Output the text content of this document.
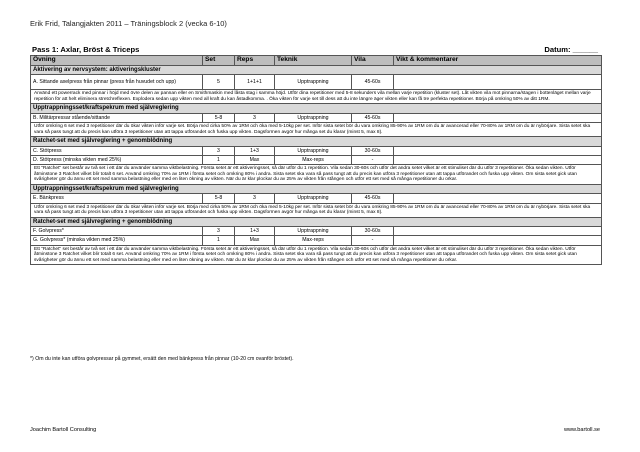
Erik Frid, Talangjakten 2011 – Träningsblock 2 (vecka 6-10)
Pass 1: Axlar, Bröst & Triceps	Datum: ______
Övning	Set	Reps	Teknik	Vila	Vikt & kommentarer
Aktivering av nervsystem: aktiveringskluster					
A. Sittande axelpress från pinnar (press från huvudet och upp)	5	1+1+1	Upptrappning	45-60s	
Använd ett powerrack med pinnar i höjd med övre delen av pannan eller en Smithmaskin med låsta stag i samma höjd. Utför dina repetitioner med 5-8 sekunders vila mellan varje repetition (kluster set). Låt vikten vila mot pinnarna/stagen i bottenläget mellan varje repetition för att helt eliminera stretchreflexen. Explodera sedan upp vikten med all kraft du kan åstadkomma. . Öka vikten för varje set till dess att du inte längre äger vikten eller kan få tre perfekta repetitioner. Börja på omkring 50% av ditt 1RM.					
Upptrappningsset/kraftspekrum med självreglering					
B. Militärpressar stående/sittande	5-8	3	Upptrappning	45-60s	
Utför omkring 6 set med 3 repetitioner där du ökar vikten inför varje set. Börja med cirka 50% av 1RM och öka med 5-10kg per set. Inför sista setet bör du vara omkring 85-90% av 1RM om du är avancerad eller 70-80% av 1RM om du är nybörjare. Sista setet ska vara så pass tungt att du precis kan utföra 3 repetitioner utan att tappa utförandet och fuska upp vikten. Dagsformen avgör hur många set du klarar (minst 5, max 8).					
Ratchet-set med självreglering + genomblödning					
C. Stötpress	3	1+3	Upptrappning	30-60s	
D. Stötpress (minska vikten med 25%)	1	Max	Max-reps	-	
Ett "Ratchet" set består av två set i ett där du använder samma viktbelastning. Första setet är ett aktiveringsset, så där utför du 1 repetition. Vila sedan 30-60s och utför det andra setet vilket är ett stimuliset där du utför 3 repetitioner. Öka sedan vikten. Utför åtminstone 3 Ratchet vilket blir totalt 6 set. Använd omkring 70% av 1RM i första setet och omkring 80% i andra. Sista setet ska vara så pass tungt att du precis kan utföra 3 repetitioner utan att tappa utförandet och fuska upp vikten. Om sista setet gick utan svårigheter gör du ännu ett set med samma belastning eller med en liten ökning av vikten. När du är klar plockar du av 25% av vikten från stången och utför ett set med så många repetitioner du orkar.					
Upptrappningsset/kraftspekrum med självreglering					
E. Bänkpress	5-8	3	Upptrappning	45-60s	
Utför omkring 6 set med 3 repetitioner där du ökar vikten inför varje set. Börja med cirka 50% av 1RM och öka med 5-10kg per set. Inför sista setet bör du vara omkring 85-90% av 1RM om du är avancerad eller 70-80% av 1RM om du är nybörjare. Sista setet ska vara så pass tungt att du precis kan utföra 3 repetitioner utan att tappa utförandet och fuska upp vikten. Dagsformen avgör hur många set du klarar (minst 5, max 8).					
Ratchet-set med självreglering + genomblödning					
F. Golvpress*	3	1+3	Upptrappning	30-60s	
G. Golvpress* (minska vikten med 25%)	1	Max	Max-reps	-	
Ett "Ratchet" set består av två set i ett där du använder samma viktbelastning. Första setet är ett aktiveringsset, så där utför du 1 repetition. Vila sedan 30-60s och utför det andra setet vilket är ett stimuliset där du utför 3 repetitioner. Öka sedan vikten. Utför åtminstone 3 Ratchet vilket blir totalt 6 set. Använd omkring 70% av 1RM i första setet och omkring 80% i andra. Sista setet ska vara så pass tungt att du precis kan utföra 3 repetitioner utan att tappa utförandet och fuska upp vikten. Om sista setet gick utan svårigheter gör du ännu ett set med samma belastning eller med en liten ökning av vikten. När du är klar plockar du av 25% av vikten från stången och utför ett set med så många repetitioner du orkar.					
*) Om du inte kan utföra golvpressar på gymmet, ersätt den med bänkpress från pinnar (10-20 cm ovanför bröstet).
Joachim Bartoll Consulting	www.bartoll.se
